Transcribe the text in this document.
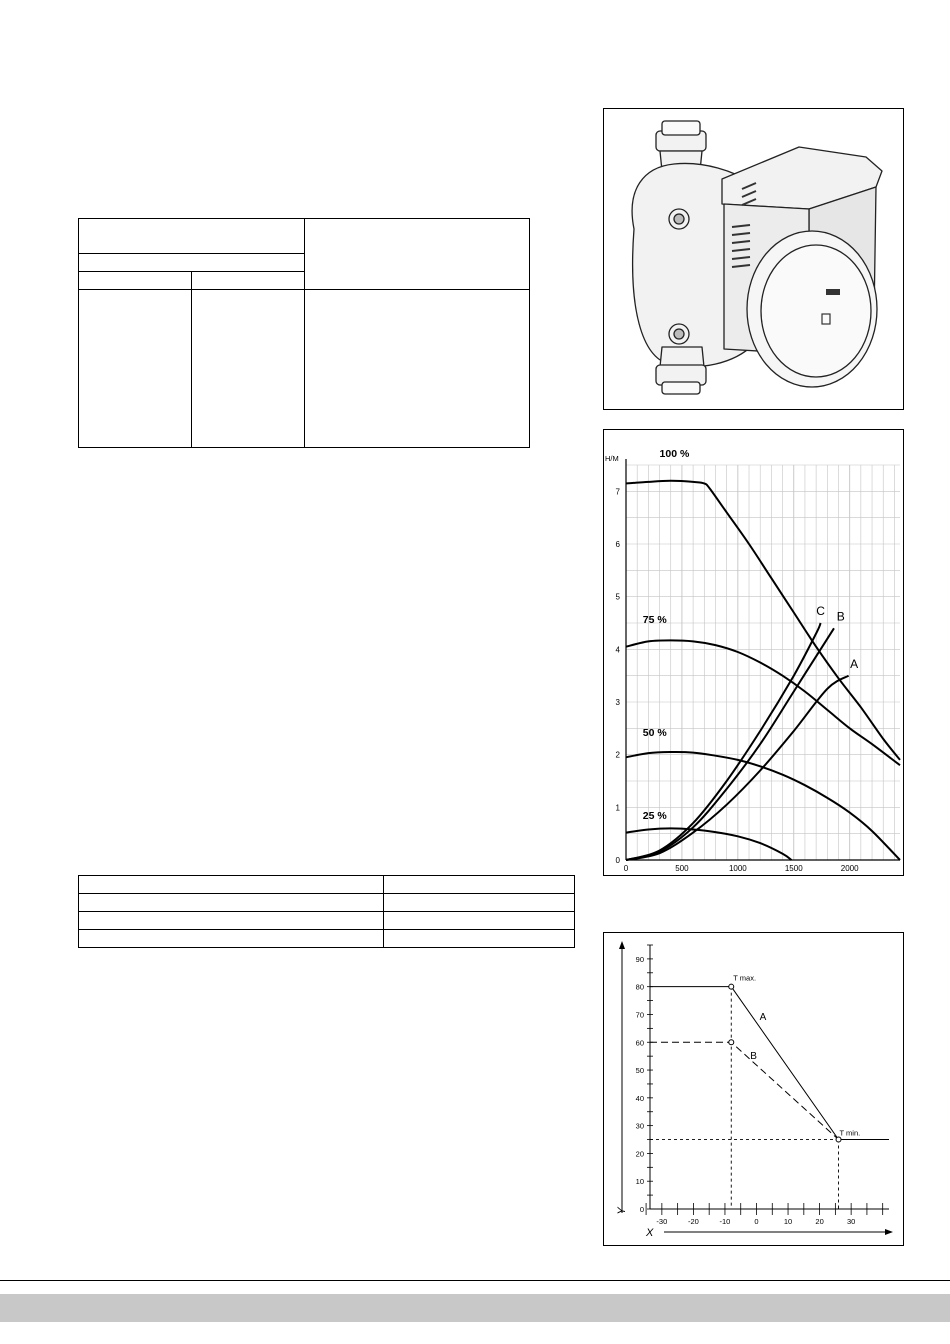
0
1
2
3
4
5
6
7
0	500	1000	1500	2000
H/M	100 %
75 %
50 %
25 %
A
B
C
Y 0
10
20
30
40
50
60
70
80
90
-30	-20	-10	0	10	20	30
X
A
B
T max.
T min.
